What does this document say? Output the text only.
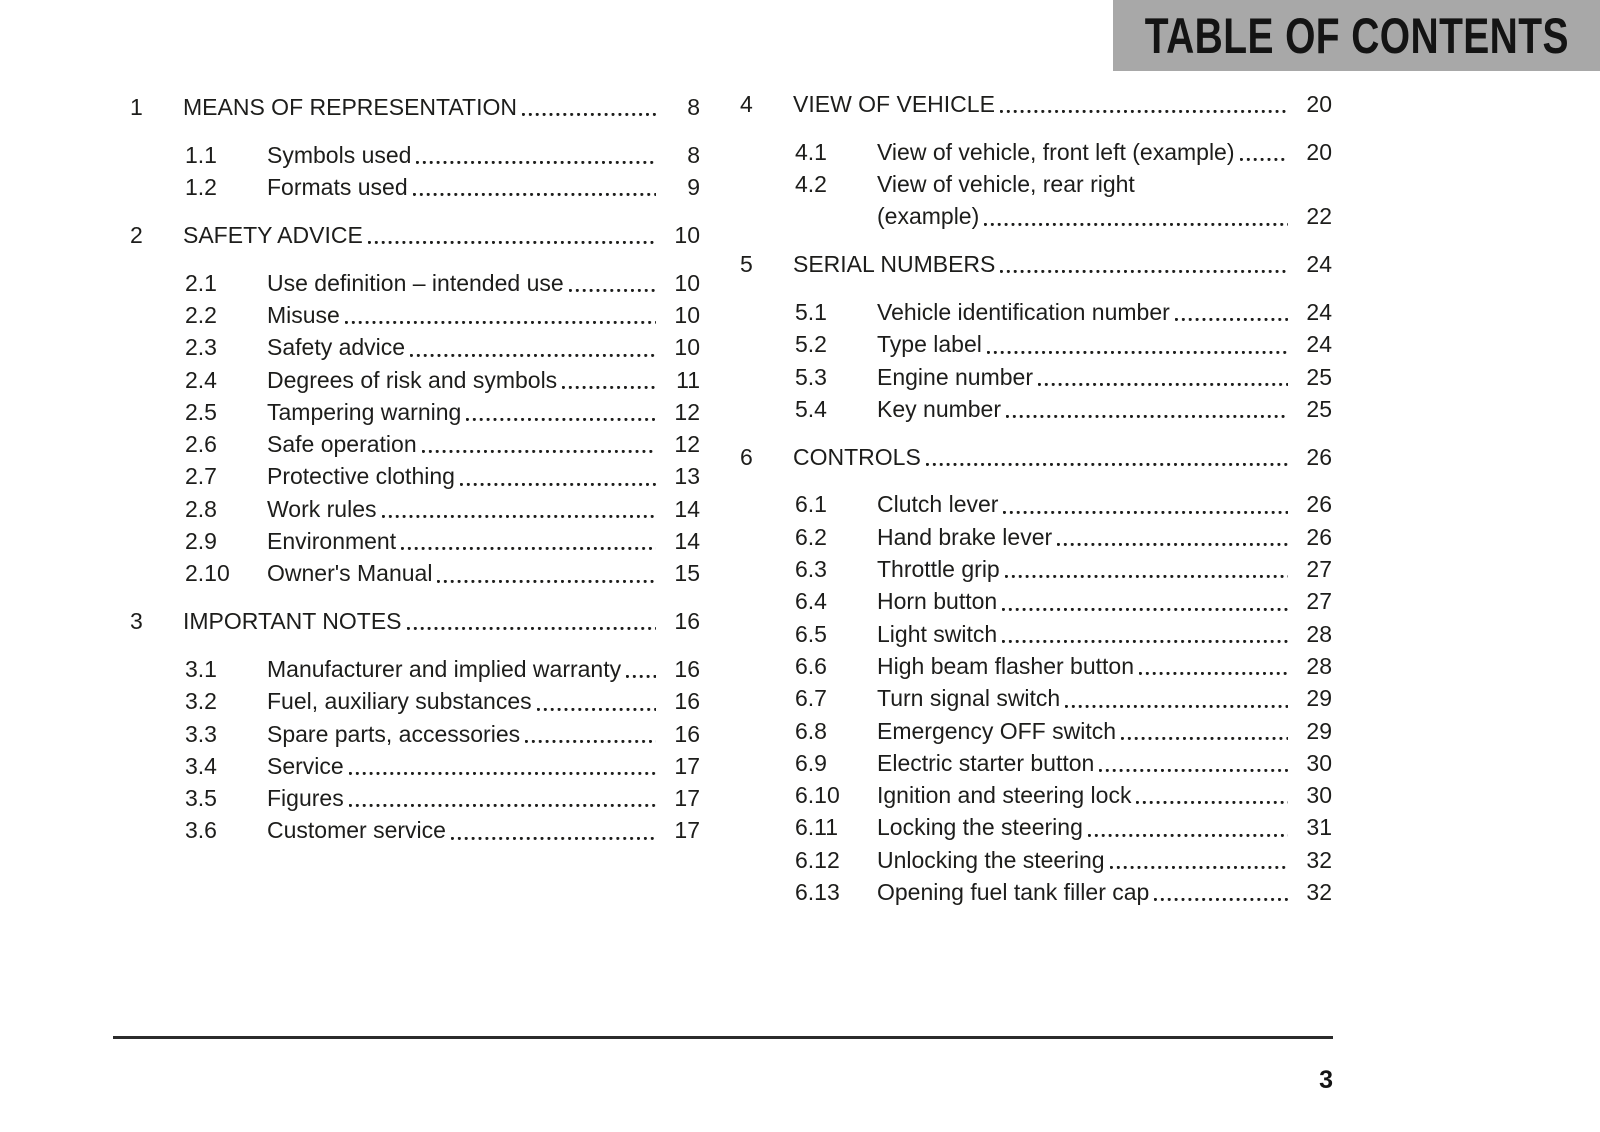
TABLE OF CONTENTS
1	MEANS OF REPRESENTATION	8
1.1	Symbols used	8
1.2	Formats used	9
2	SAFETY ADVICE	10
2.1	Use definition – intended use	10
2.2	Misuse	10
2.3	Safety advice	10
2.4	Degrees of risk and symbols	11
2.5	Tampering warning	12
2.6	Safe operation	12
2.7	Protective clothing	13
2.8	Work rules	14
2.9	Environment	14
2.10	Owner's Manual	15
3	IMPORTANT NOTES	16
3.1	Manufacturer and implied warranty	16
3.2	Fuel, auxiliary substances	16
3.3	Spare parts, accessories	16
3.4	Service	17
3.5	Figures	17
3.6	Customer service	17
4	VIEW OF VEHICLE	20
4.1	View of vehicle, front left (example)	20
4.2	View of vehicle, rear right
(example)	22
5	SERIAL NUMBERS	24
5.1	Vehicle identification number	24
5.2	Type label	24
5.3	Engine number	25
5.4	Key number	25
6	CONTROLS	26
6.1	Clutch lever	26
6.2	Hand brake lever	26
6.3	Throttle grip	27
6.4	Horn button	27
6.5	Light switch	28
6.6	High beam flasher button	28
6.7	Turn signal switch	29
6.8	Emergency OFF switch	29
6.9	Electric starter button	30
6.10	Ignition and steering lock	30
6.11	Locking the steering	31
6.12	Unlocking the steering	32
6.13	Opening fuel tank filler cap	32
3
